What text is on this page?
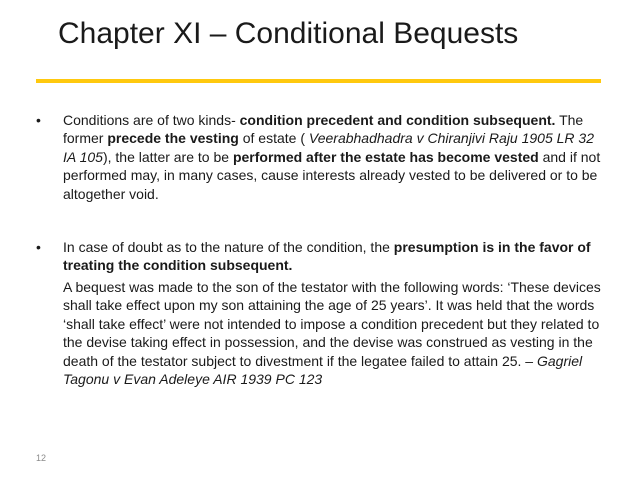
Chapter XI – Conditional Bequests
•	Conditions are of two kinds- condition precedent and condition subsequent. The former precede the vesting of estate ( Veerabhadhadra v Chiranjivi Raju 1905 LR 32 IA 105), the latter are to be performed after the estate has become vested and if not performed may, in many cases, cause interests already vested to be delivered or to be altogether void.
•	In case of doubt as to the nature of the condition, the presumption is in the favor of treating the condition subsequent.
A bequest was made to the son of the testator with the following words: ‘These devices shall take effect upon my son attaining the age of 25 years’. It was held that the words ‘shall take effect’ were not intended to impose a condition precedent but they related to the devise taking effect in possession, and the devise was construed as vesting in the death of the testator subject to divestment if the legatee failed to attain 25. – Gagriel Tagonu v Evan Adeleye AIR 1939 PC 123
12
